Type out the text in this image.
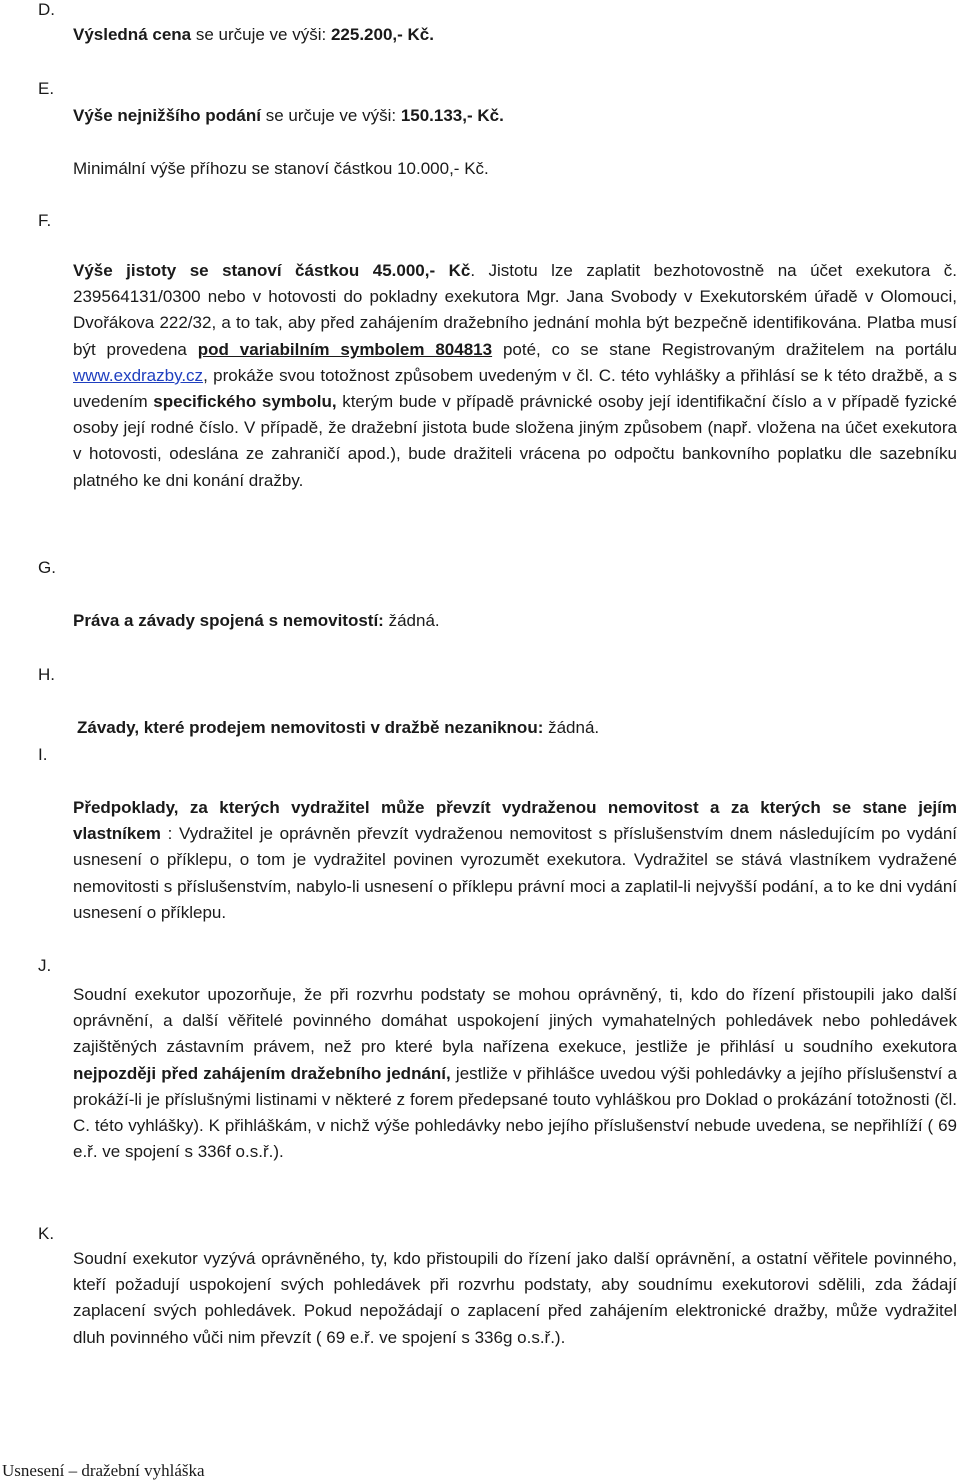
D.
Výsledná cena se určuje ve výši: 225.200,- Kč.
E.
Výše nejnižšího podání se určuje ve výši: 150.133,- Kč.
Minimální výše příhozu se stanoví částkou 10.000,- Kč.
F.

Výše jistoty se stanoví částkou 45.000,- Kč. Jistotu lze zaplatit bezhotovostně na účet exekutora č. 239564131/0300 nebo v hotovosti do pokladny exekutora Mgr. Jana Svobody v Exekutorském úřadě v Olomouci, Dvořákova 222/32, a to tak, aby před zahájením dražebního jednání mohla být bezpečně identifikována. Platba musí být provedena pod variabilním symbolem 804813 poté, co se stane Registrovaným dražitelem na portálu www.exdrazby.cz, prokáže svou totožnost způsobem uvedeným v čl. C. této vyhlášky a přihlásí se k této dražbě, a s uvedením specifického symbolu, kterým bude v případě právnické osoby její identifikační číslo a v případě fyzické osoby její rodné číslo. V případě, že dražební jistota bude složena jiným způsobem (např. vložena na účet exekutora v hotovosti, odeslána ze zahraničí apod.), bude dražiteli vrácena po odpočtu bankovního poplatku dle sazebníku platného ke dni konání dražby.

G.
Práva a závady spojená s nemovitostí: žádná.
H.
Závady, které prodejem nemovitosti v dražbě nezaniknou: žádná.
I.

Předpoklady, za kterých vydražitel může převzít vydraženou nemovitost a za kterých se stane jejím vlastníkem : Vydražitel je oprávněn převzít vydraženou nemovitost s příslušenstvím dnem následujícím po vydání usnesení o příklepu, o tom je vydražitel povinen vyrozumět exekutora. Vydražitel se stává vlastníkem vydražené nemovitosti s příslušenstvím, nabylo-li usnesení o příklepu právní moci a zaplatil-li nejvyšší podání, a to ke dni vydání usnesení o příklepu.

J.

Soudní exekutor upozorňuje, že při rozvrhu podstaty se mohou oprávněný, ti, kdo do řízení přistoupili jako další oprávnění, a další věřitelé povinného domáhat uspokojení jiných vymahatelných pohledávek nebo pohledávek zajištěných zástavním právem, než pro které byla nařízena exekuce, jestliže je přihlásí u soudního exekutora nejpozději před zahájením dražebního jednání, jestliže v přihlášce uvedou výši pohledávky a jejího příslušenství a prokáží-li je příslušnými listinami v některé z forem předepsané touto vyhláškou pro Doklad o prokázání totožnosti (čl. C. této vyhlášky). K přihláškám, v nichž výše pohledávky nebo jejího příslušenství nebude uvedena, se nepřihlíží ( 69 e.ř. ve spojení s 336f o.s.ř.).

K.

Soudní exekutor vyzývá oprávněného, ty, kdo přistoupili do řízení jako další oprávnění, a ostatní věřitele povinného, kteří požadují uspokojení svých pohledávek při rozvrhu podstaty, aby soudnímu exekutorovi sdělili, zda žádají zaplacení svých pohledávek. Pokud nepožádají o zaplacení před zahájením elektronické dražby, může vydražitel dluh povinného vůči nim převzít ( 69 e.ř. ve spojení s 336g o.s.ř.).

Usnesení – dražební vyhláška
